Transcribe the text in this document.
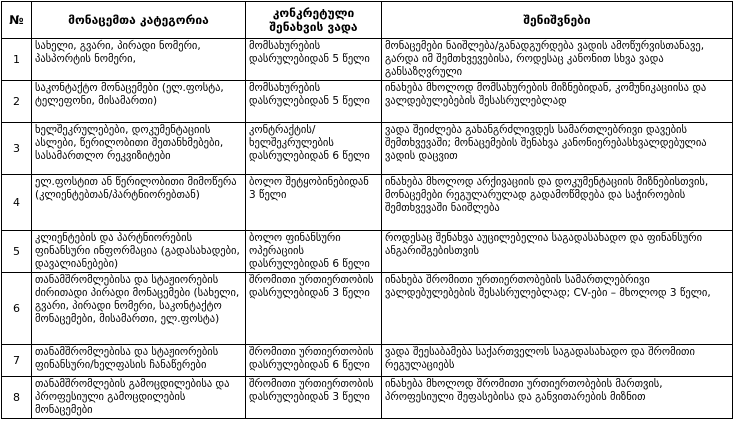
№	მონაცემთა კატეგორია	კონკრეტული შენახვის ვადა	შენიშვნები
1	სახელი, გვარი, პირადი ნომერი, პასპორტის ნომერი,	მომსახურების დასრულებიდან 5 წელი	მონაცემები ნაიშლება/განადგურდება ვადის ამოწურვისთანავე, გარდა იმ შემთხვევებისა, როდესაც კანონით სხვა ვადა განსაზღვრული
2	საკონტაქტო მონაცემები (ელ.ფოსტა, ტელეფონი, მისამართი)	მომსახურების დასრულებიდან 5 წელი	ინახება მხოლოდ მომსახურების მიზნებიდან, კომუნიკაციისა და ვალდებულებების შესასრულებლად
3	ხელშეკრულებები, დოკუმენტაციის ასლები, წერილობითი შეთანხმებები, სასამართლო რეკვიზიტები	კონტრაქტის/ხელშეკრულების დასრულებიდან 6 წელი	ვადა შეიძლება გახანგრძლივდეს სამართლებრივი დავების შემთხვევაში; მონაცემების შენახვა კანონიერებასხვალდებულია ვადის დაცვით
4	ელ.ფოსტით ან წერილობითი მიმოწერა (კლიენტებთან/პარტნიორებთან)	ბოლო შეტყობინებიდან 3 წელი	ინახება მხოლოდ არქივაციის და დოკუმენტაციის მიზნებისთვის, მონაცემები რეგულარულად გადამოწმდება და საჭიროების შემთხვევაში ნაიშლება
5	კლიენტების და პარტნიორების ფინანსური ინფორმაცია (გადასახადები, დავალიანებები)	ბოლო ფინანსური ოპერაციის დასრულებიდან 6 წელი	როდესაც შენახვა აუცილებელია საგადასახადო და ფინანსური ანგარიშგებისთვის
6	თანამშრომლებისა და სტაჟიორების ძირითადი პირადი მონაცემები (სახელი, გვარი, პირადი ნომერი, საკონტაქტო მონაცემები, მისამართი, ელ.ფოსტა)	შრომითი ურთიერთობის დასრულებიდან 3 წელი	ინახება შრომითი ურთიერთობების სამართლებრივი ვალდებულებების შესასრულებლად; CV-ები – მხოლოდ 3 წელი,
7	თანამშრომლებისა და სტაჟიორების ფინანსური/ხელფასის ჩანაწერები	შრომითი ურთიერთობის დასრულებიდან 6 წელი	ვადა შეესაბამება საქართველოს საგადასახადო და შრომითი რეგულაციებს
8	თანამშრომლების გამოცდილებისა და პროფესიული გამოცდილების მონაცემები	შრომითი ურთიერთობის დასრულებიდან 3 წელი	ინახება მხოლოდ შრომითი ურთიერთობების მართვის, პროფესიული შეფასებისა და განვითარების მიზნით
